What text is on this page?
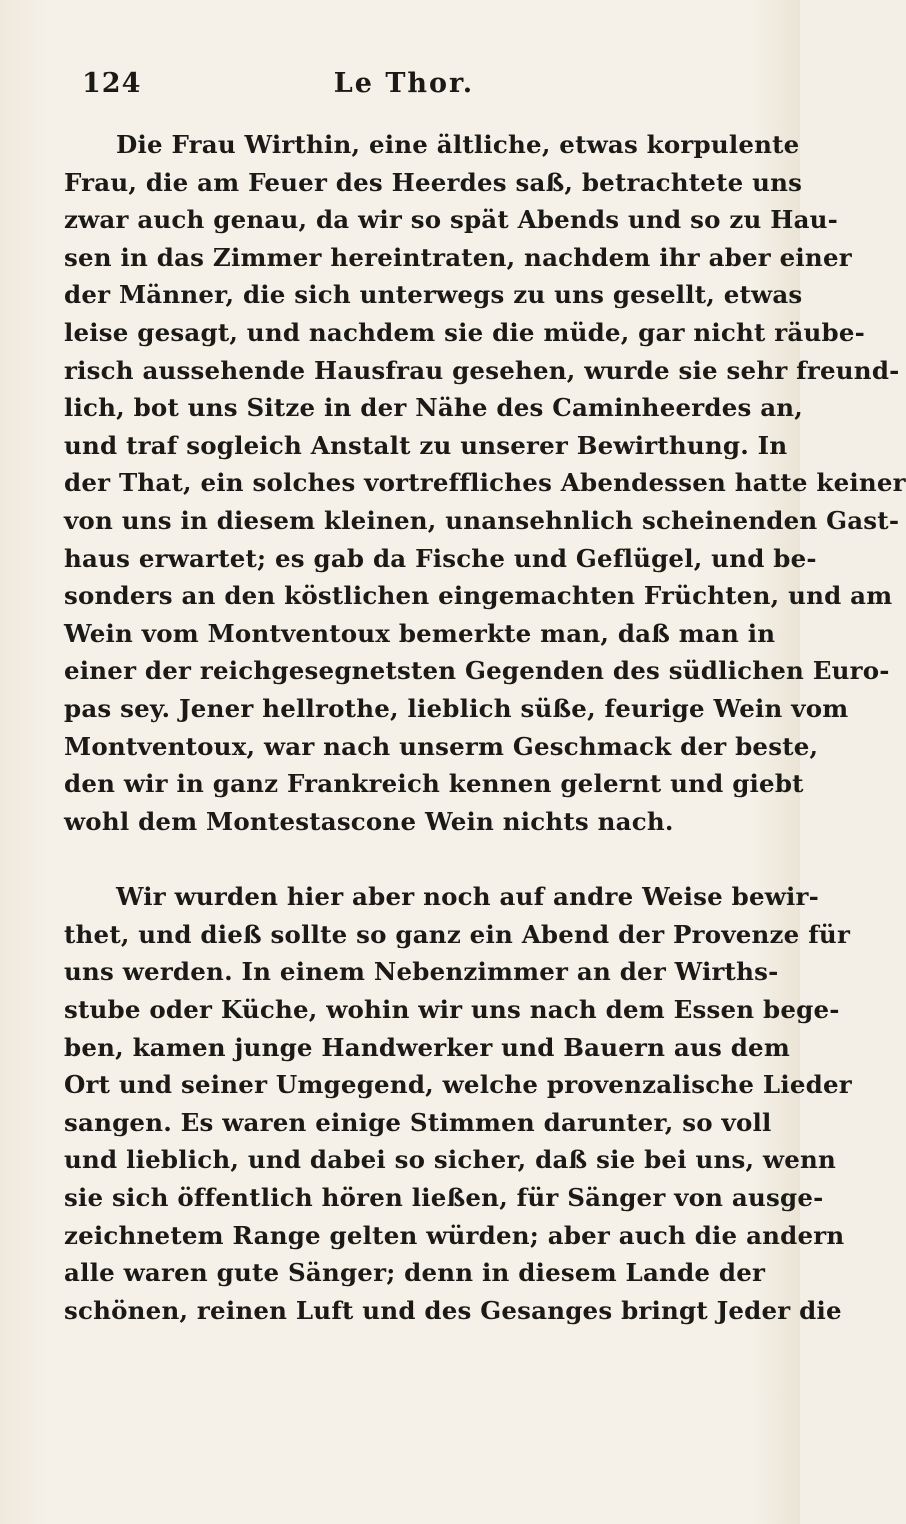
124	Le Thor.
Die Frau Wirthin, eine ältliche, etwas korpulente
Frau, die am Feuer des Heerdes saß, betrachtete uns
zwar auch genau, da wir so spät Abends und so zu Hau-
sen in das Zimmer hereintraten, nachdem ihr aber einer
der Männer, die sich unterwegs zu uns gesellt, etwas
leise gesagt, und nachdem sie die müde, gar nicht räube-
risch aussehende Hausfrau gesehen, wurde sie sehr freund-
lich, bot uns Sitze in der Nähe des Caminheerdes an,
und traf sogleich Anstalt zu unserer Bewirthung. In
der That, ein solches vortreffliches Abendessen hatte keiner
von uns in diesem kleinen, unansehnlich scheinenden Gast-
haus erwartet; es gab da Fische und Geflügel, und be-
sonders an den köstlichen eingemachten Früchten, und am
Wein vom Montventoux bemerkte man, daß man in
einer der reichgesegnetsten Gegenden des südlichen Euro-
pas sey. Jener hellrothe, lieblich süße, feurige Wein vom
Montventoux, war nach unserm Geschmack der beste,
den wir in ganz Frankreich kennen gelernt und giebt
wohl dem Montestascone Wein nichts nach.
Wir wurden hier aber noch auf andre Weise bewir-
thet, und dieß sollte so ganz ein Abend der Provenze für
uns werden. In einem Nebenzimmer an der Wirths-
stube oder Küche, wohin wir uns nach dem Essen bege-
ben, kamen junge Handwerker und Bauern aus dem
Ort und seiner Umgegend, welche provenzalische Lieder
sangen. Es waren einige Stimmen darunter, so voll
und lieblich, und dabei so sicher, daß sie bei uns, wenn
sie sich öffentlich hören ließen, für Sänger von ausge-
zeichnetem Range gelten würden; aber auch die andern
alle waren gute Sänger; denn in diesem Lande der
schönen, reinen Luft und des Gesanges bringt Jeder die
